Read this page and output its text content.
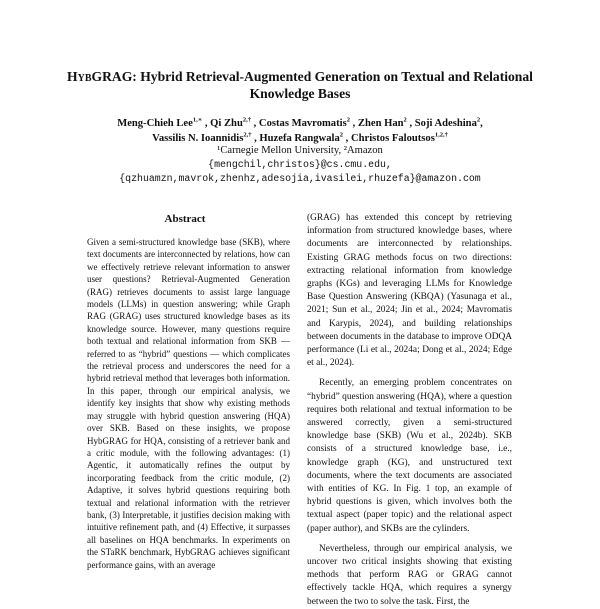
HybGRAG: Hybrid Retrieval-Augmented Generation on Textual and Relational Knowledge Bases
Meng-Chieh Lee$^{1,∗}$ , Qi Zhu$^{2,\dagger}$ , Costas Mavromatis$^2$ , Zhen Han$^2$ , Soji Adeshina$^2$,
Vassilis N. Ioannidis$^{2,\dagger}$ , Huzefa Rangwala$^2$ , Christos Faloutsos$^{1,2,\dagger}$
¹Carnegie Mellon University, ²Amazon
{mengchil,christos}@cs.cmu.edu,
{qzhuamzn,mavrok,zhenhz,adesojia,ivasilei,rhuzefa}@amazon.com
Abstract

Given a semi-structured knowledge base (SKB), where text documents are interconnected by relations, how can we effectively retrieve relevant information to answer user questions? Retrieval-Augmented Generation (RAG) retrieves documents to assist large language models (LLMs) in question answering; while Graph RAG (GRAG) uses structured knowledge bases as its knowledge source. However, many questions require both textual and relational information from SKB — referred to as “hybrid” questions — which complicates the retrieval process and underscores the need for a hybrid retrieval method that leverages both information. In this paper, through our empirical analysis, we identify key insights that show why existing methods may struggle with hybrid question answering (HQA) over SKB. Based on these insights, we propose HybGRAG for HQA, consisting of a retriever bank and a critic module, with the following advantages: (1) Agentic, it automatically refines the output by incorporating feedback from the critic module, (2) Adaptive, it solves hybrid questions requiring both textual and relational information with the retriever bank, (3) Interpretable, it justifies decision making with intuitive refinement path, and (4) Effective, it surpasses all baselines on HQA benchmarks. In experiments on the STaRK benchmark, HybGRAG achieves significant performance gains, with an average

(GRAG) has extended this concept by retrieving information from structured knowledge bases, where documents are interconnected by relationships. Existing GRAG methods focus on two directions: extracting relational information from knowledge graphs (KGs) and leveraging LLMs for Knowledge Base Question Answering (KBQA) (Yasunaga et al., 2021; Sun et al., 2024; Jin et al., 2024; Mavromatis and Karypis, 2024), and building relationships between documents in the database to improve ODQA performance (Li et al., 2024a; Dong et al., 2024; Edge et al., 2024).

Recently, an emerging problem concentrates on “hybrid” question answering (HQA), where a question requires both relational and textual information to be answered correctly, given a semi-structured knowledge base (SKB) (Wu et al., 2024b). SKB consists of a structured knowledge base, i.e., knowledge graph (KG), and unstructured text documents, where the text documents are associated with entities of KG. In Fig. 1 top, an example of hybrid questions is given, which involves both the textual aspect (paper topic) and the relational aspect (paper author), and SKBs are the cylinders.

Nevertheless, through our empirical analysis, we uncover two critical insights showing that existing methods that perform RAG or GRAG cannot effectively tackle HQA, which requires a synergy between the two to solve the task. First, the
